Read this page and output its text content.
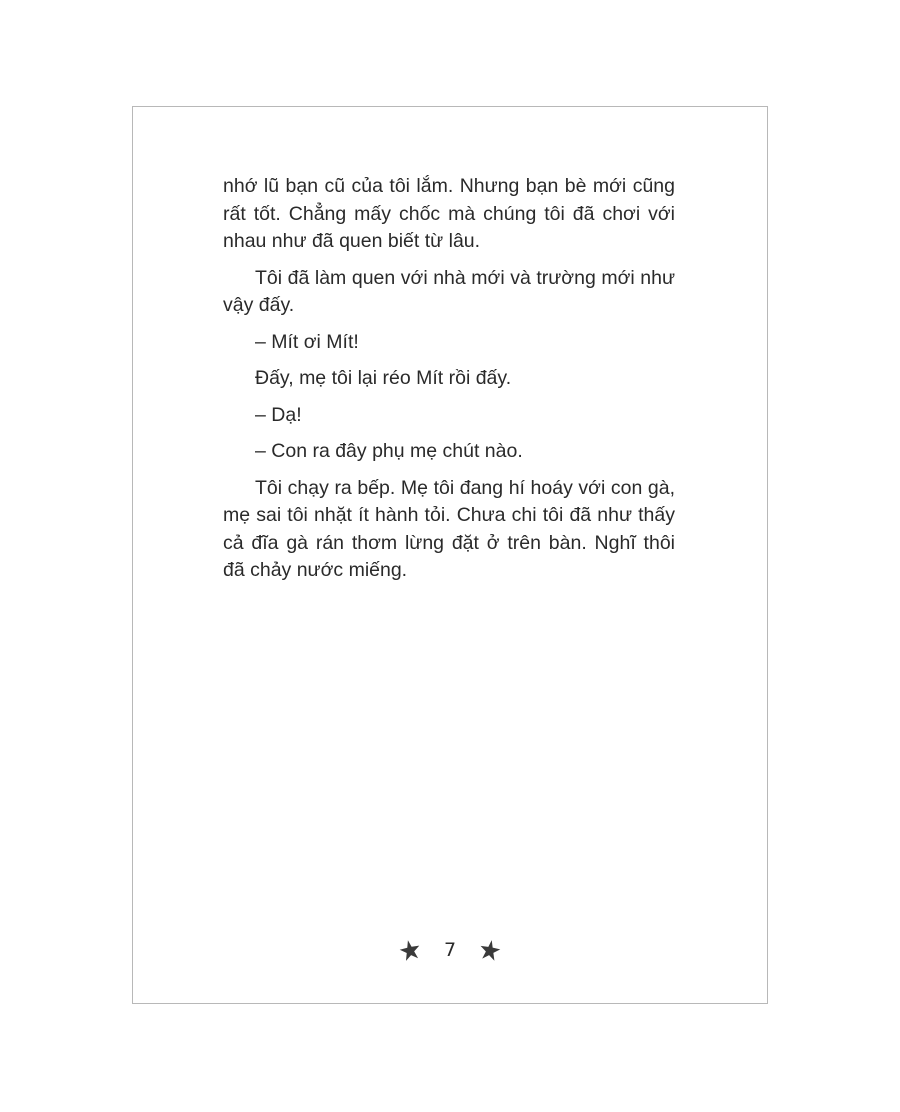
nhớ lũ bạn cũ của tôi lắm. Nhưng bạn bè mới cũng rất tốt. Chẳng mấy chốc mà chúng tôi đã chơi với nhau như đã quen biết từ lâu.

Tôi đã làm quen với nhà mới và trường mới như vậy đấy.

– Mít ơi Mít!

Đấy, mẹ tôi lại réo Mít rồi đấy.

– Dạ!

– Con ra đây phụ mẹ chút nào.

Tôi chạy ra bếp. Mẹ tôi đang hí hoáy với con gà, mẹ sai tôi nhặt ít hành tỏi. Chưa chi tôi đã như thấy cả đĩa gà rán thơm lừng đặt ở trên bàn. Nghĩ thôi đã chảy nước miếng.

7
